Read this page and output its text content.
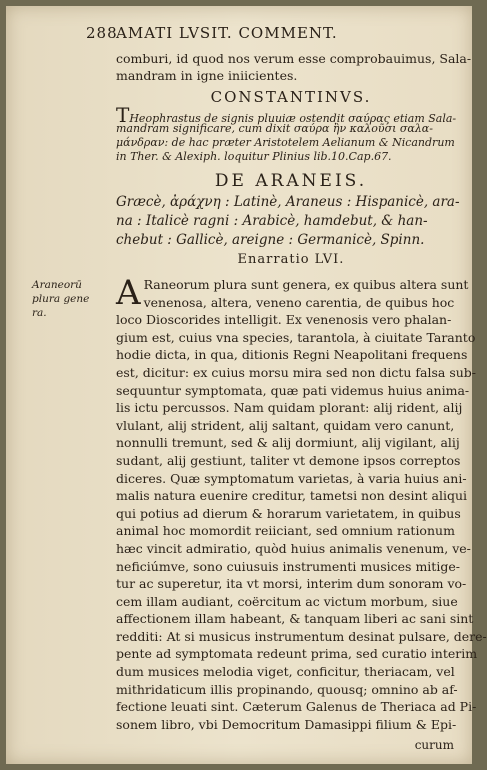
288
AMATI LVSIT. COMMENT.
comburi, id quod nos verum esse comprobauimus, Sala-
mandram in igne iniicientes.
CONSTANTINVS.
THeophrastus de signis pluuiæ ostendit σαύρας etiam Sala-
mandram significare, cum dixit σαύρα ἢν καλοῦσι σαλα-
μάνδραν: de hac præter Aristotelem Aelianum & Nicandrum
in Ther. & Alexiph. loquitur Plinius lib.10.Cap.67.
DE ARANEIS.
Græcè, ἀράχνη : Latinè, Araneus : Hispanicè, ara-
na : Italicè ragni : Arabicè, hamdebut, & han-
chebut : Gallicè, areigne : Germanicè, Spinn.
Enarratio LVI.
Araneorū
plura gene
ra.	A Raneorum plura sunt genera, ex quibus altera sunt
venenosa, altera, veneno carentia, de quibus hoc
loco Dioscorides intelligit. Ex venenosis vero phalan-
gium est, cuius vna species, tarantola, à ciuitate Taranto
hodie dicta, in qua, ditionis Regni Neapolitani frequens
est, dicitur: ex cuius morsu mira sed non dictu falsa sub-
sequuntur symptomata, quæ pati videmus huius anima-
lis ictu percussos. Nam quidam plorant: alij rident, alij
vlulant, alij strident, alij saltant, quidam vero canunt,
nonnulli tremunt, sed & alij dormiunt, alij vigilant, alij
sudant, alij gestiunt, taliter vt demone ipsos correptos
diceres. Quæ symptomatum varietas, à varia huius ani-
malis natura euenire creditur, tametsi non desint aliqui
qui potius ad dierum & horarum varietatem, in quibus
animal hoc momordit reiiciant, sed omnium rationum
hæc vincit admiratio, quòd huius animalis venenum, ve-
neficiúmve, sono cuiusuis instrumenti musices mitige-
tur ac superetur, ita vt morsi, interim dum sonoram vo-
cem illam audiant, coërcitum ac victum morbum, siue
affectionem illam habeant, & tanquam liberi ac sani sint
redditi: At si musicus instrumentum desinat pulsare, dere-
pente ad symptomata redeunt prima, sed curatio interim
dum musices melodia viget, conficitur, theriacam, vel
mithridaticum illis propinando, quousq; omnino ab af-
fectione leuati sint. Cæterum Galenus de Theriaca ad Pi-
sonem libro, vbi Democritum Damasippi filium & Epi-
curum
